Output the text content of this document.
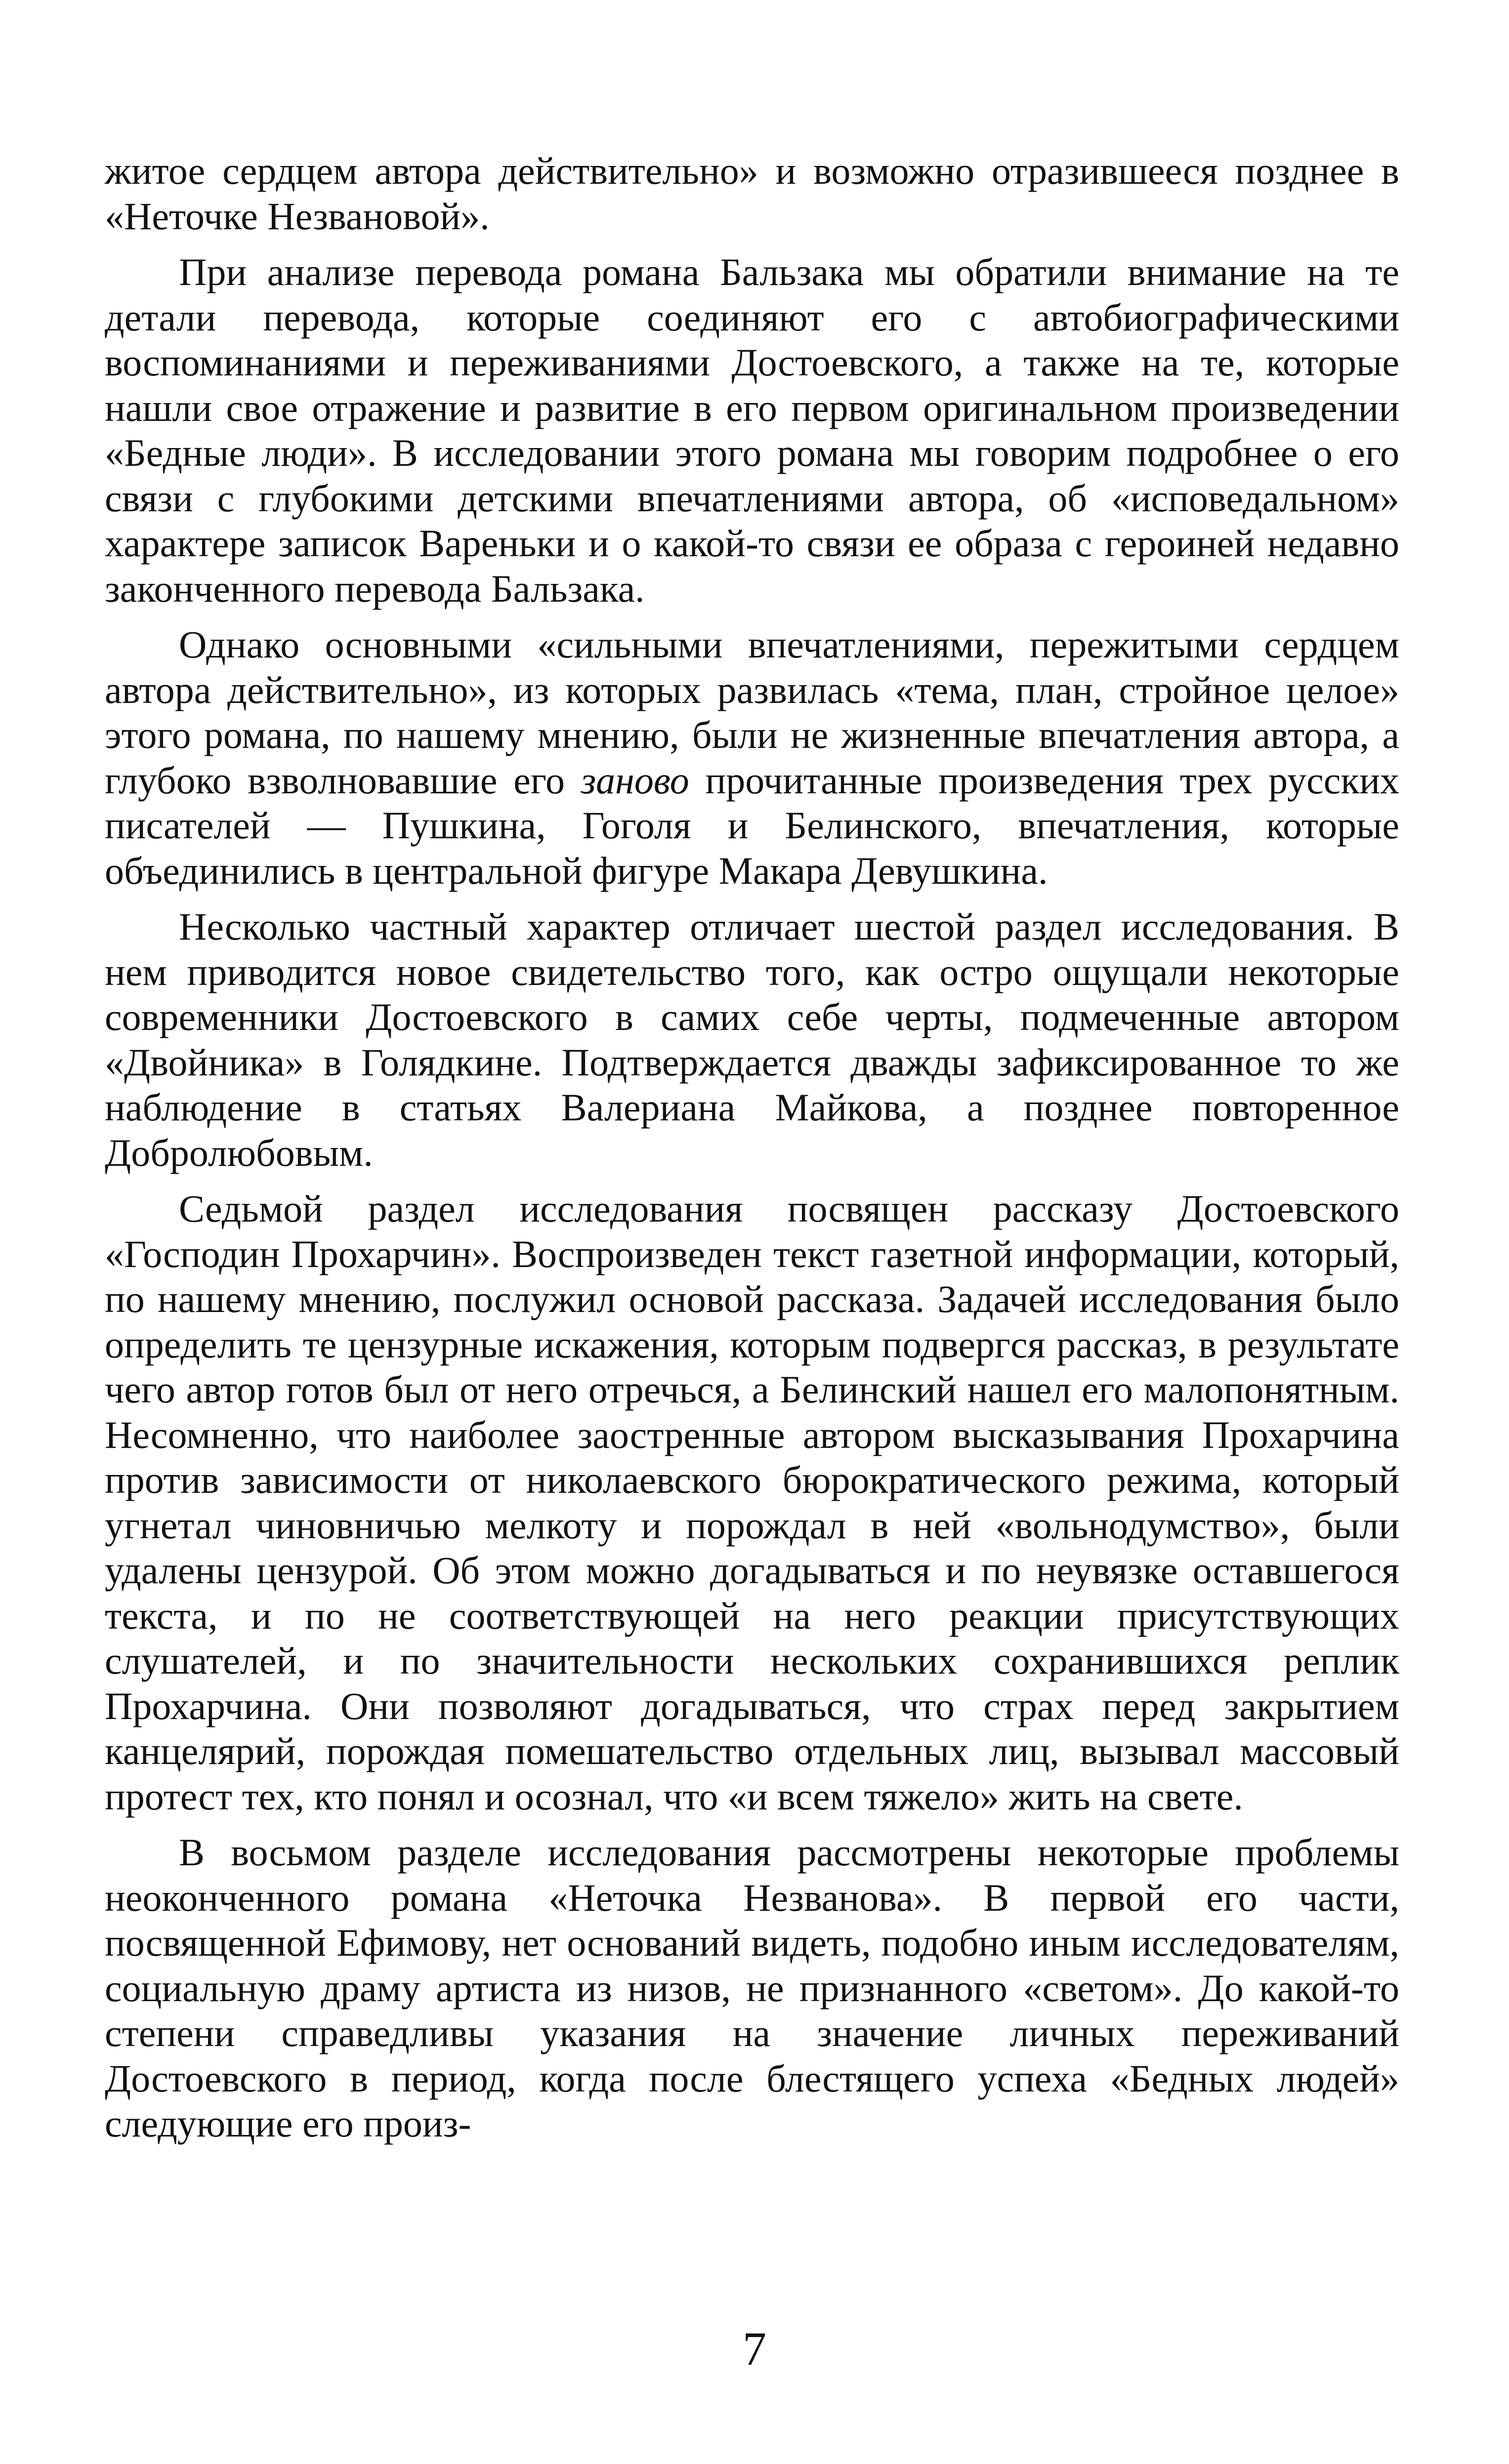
житое сердцем автора действительно» и возможно отразившееся позднее в «Неточке Незвановой».

При анализе перевода романа Бальзака мы обратили внимание на те детали перевода, которые соединяют его с автобиографическими воспоминаниями и переживаниями Достоевского, а также на те, которые нашли свое отражение и развитие в его первом оригинальном произведении «Бедные люди». В исследовании этого романа мы говорим подробнее о его связи с глубокими детскими впечатлениями автора, об «исповедальном» характере записок Вареньки и о какой-то связи ее образа с героиней недавно законченного перевода Бальзака.

Однако основными «сильными впечатлениями, пережитыми сердцем автора действительно», из которых развилась «тема, план, стройное целое» этого романа, по нашему мнению, были не жизненные впечатления автора, а глубоко взволновавшие его заново прочитанные произведения трех русских писателей — Пушкина, Гоголя и Белинского, впечатления, которые объединились в центральной фигуре Макара Девушкина.

Несколько частный характер отличает шестой раздел исследования. В нем приводится новое свидетельство того, как остро ощущали некоторые современники Достоевского в самих себе черты, подмеченные автором «Двойника» в Голядкине. Подтверждается дважды зафиксированное то же наблюдение в статьях Валериана Майкова, а позднее повторенное Добролюбовым.

Седьмой раздел исследования посвящен рассказу Достоевского «Господин Прохарчин». Воспроизведен текст газетной информации, который, по нашему мнению, послужил основой рассказа. Задачей исследования было определить те цензурные искажения, которым подвергся рассказ, в результате чего автор готов был от него отречься, а Белинский нашел его малопонятным. Несомненно, что наиболее заостренные автором высказывания Прохарчина против зависимости от николаевского бюрократического режима, который угнетал чиновничью мелкоту и порождал в ней «вольнодумство», были удалены цензурой. Об этом можно догадываться и по неувязке оставшегося текста, и по не соответствующей на него реакции присутствующих слушателей, и по значительности нескольких сохранившихся реплик Прохарчина. Они позволяют догадываться, что страх перед закрытием канцелярий, порождая помешательство отдельных лиц, вызывал массовый протест тех, кто понял и осознал, что «и всем тяжело» жить на свете.

В восьмом разделе исследования рассмотрены некоторые проблемы неоконченного романа «Неточка Незванова». В первой его части, посвященной Ефимову, нет оснований видеть, подобно иным исследователям, социальную драму артиста из низов, не признанного «светом». До какой-то степени справедливы указания на значение личных переживаний Достоевского в период, когда после блестящего успеха «Бедных людей» следующие его произ-

7
